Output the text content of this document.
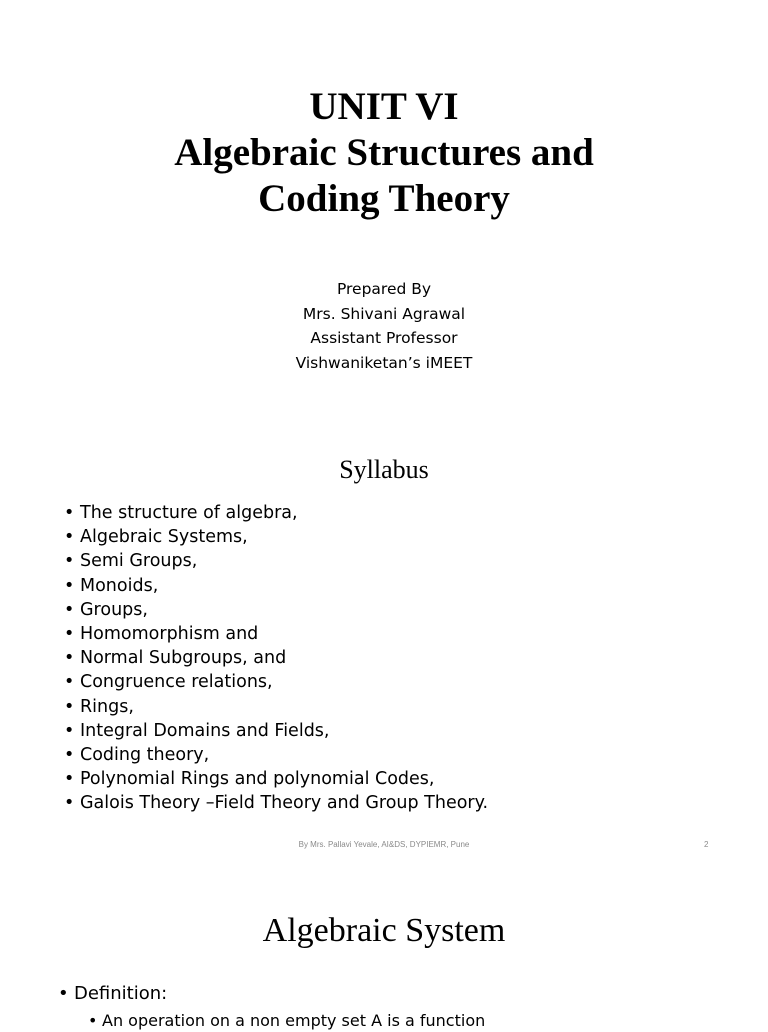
UNIT VI
Algebraic Structures and
Coding Theory
Prepared By
Mrs. Shivani Agrawal
Assistant Professor
Vishwaniketan’s iMEET
Syllabus
• The structure of algebra,
• Algebraic Systems,
• Semi Groups,
• Monoids,
• Groups,
• Homomorphism and
• Normal Subgroups, and
• Congruence relations,
• Rings,
• Integral Domains and Fields,
• Coding theory,
• Polynomial Rings and polynomial Codes,
• Galois Theory –Field Theory and Group Theory.
By Mrs. Pallavi Yevale, AI&DS, DYPIEMR, Pune	2
Algebraic System
• Definition:
• An operation on a non empty set A is a function
